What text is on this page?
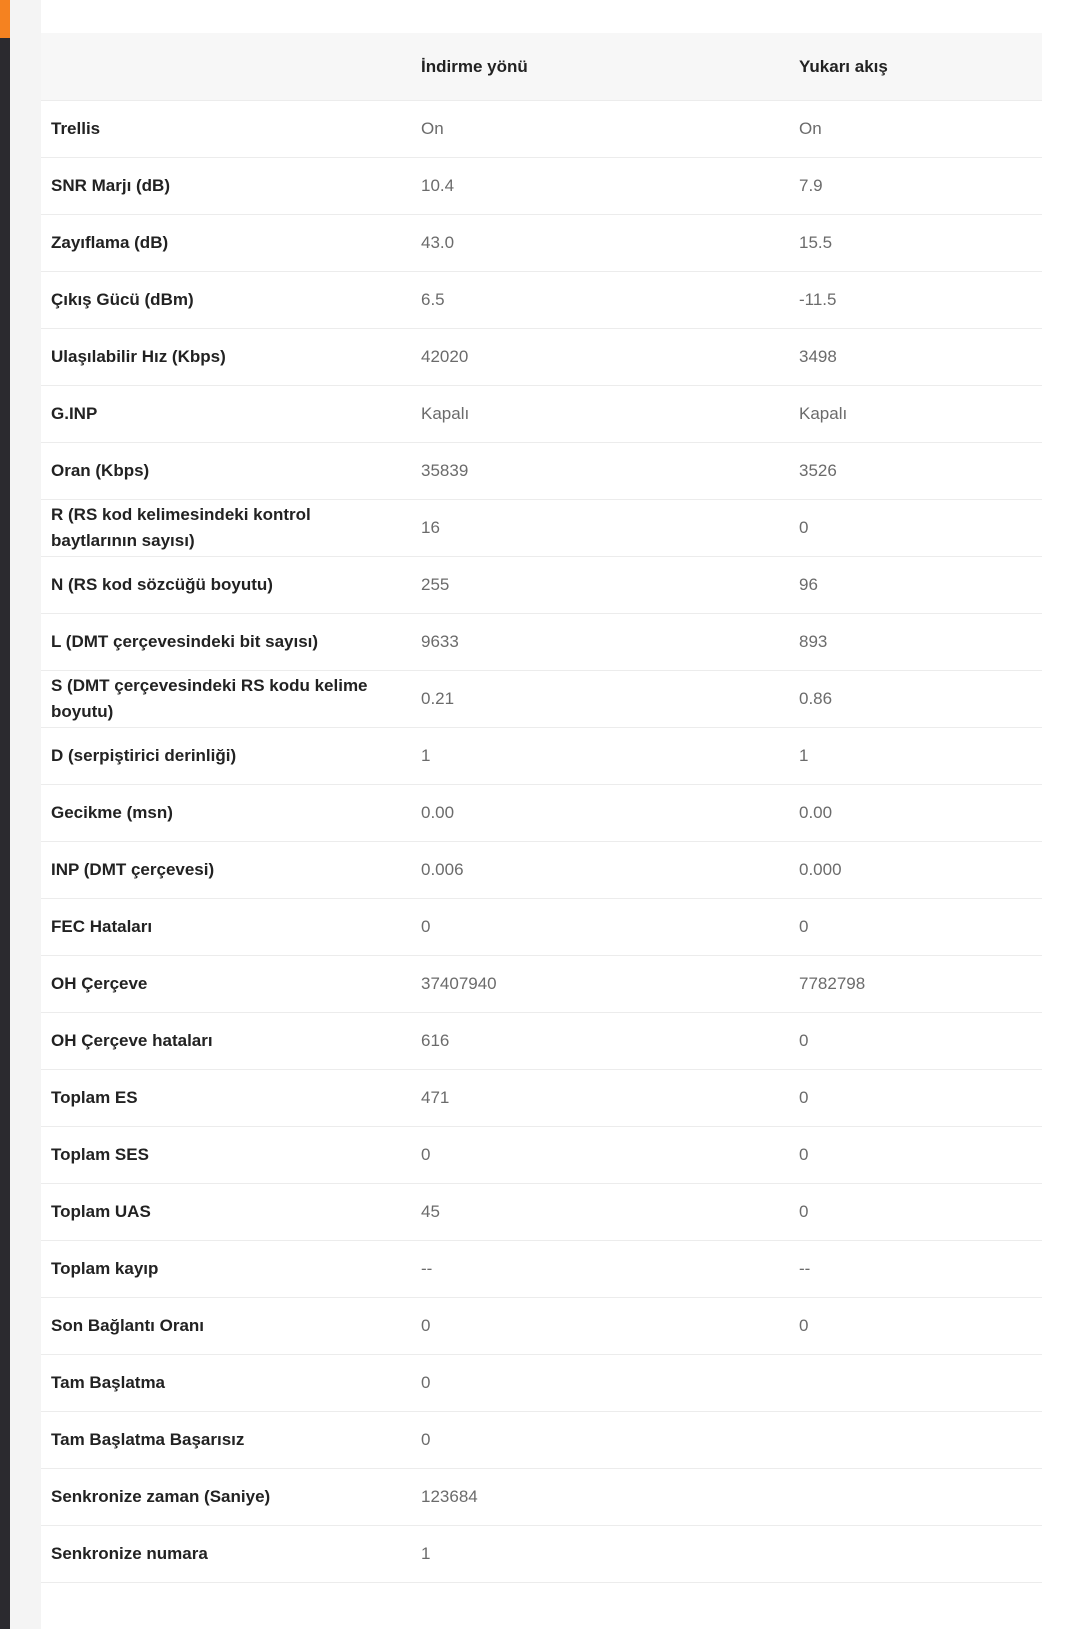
	İndirme yönü	Yukarı akış
Trellis	On	On
SNR Marjı (dB)	10.4	7.9
Zayıflama (dB)	43.0	15.5
Çıkış Gücü (dBm)	6.5	-11.5
Ulaşılabilir Hız (Kbps)	42020	3498
G.INP	Kapalı	Kapalı
Oran (Kbps)	35839	3526
R (RS kod kelimesindeki kontrol baytlarının sayısı)	16	0
N (RS kod sözcüğü boyutu)	255	96
L (DMT çerçevesindeki bit sayısı)	9633	893
S (DMT çerçevesindeki RS kodu kelime boyutu)	0.21	0.86
D (serpiştirici derinliği)	1	1
Gecikme (msn)	0.00	0.00
INP (DMT çerçevesi)	0.006	0.000
FEC Hataları	0	0
OH Çerçeve	37407940	7782798
OH Çerçeve hataları	616	0
Toplam ES	471	0
Toplam SES	0	0
Toplam UAS	45	0
Toplam kayıp	--	--
Son Bağlantı Oranı	0	0
Tam Başlatma	0	
Tam Başlatma Başarısız	0	
Senkronize zaman (Saniye)	123684	
Senkronize numara	1	
